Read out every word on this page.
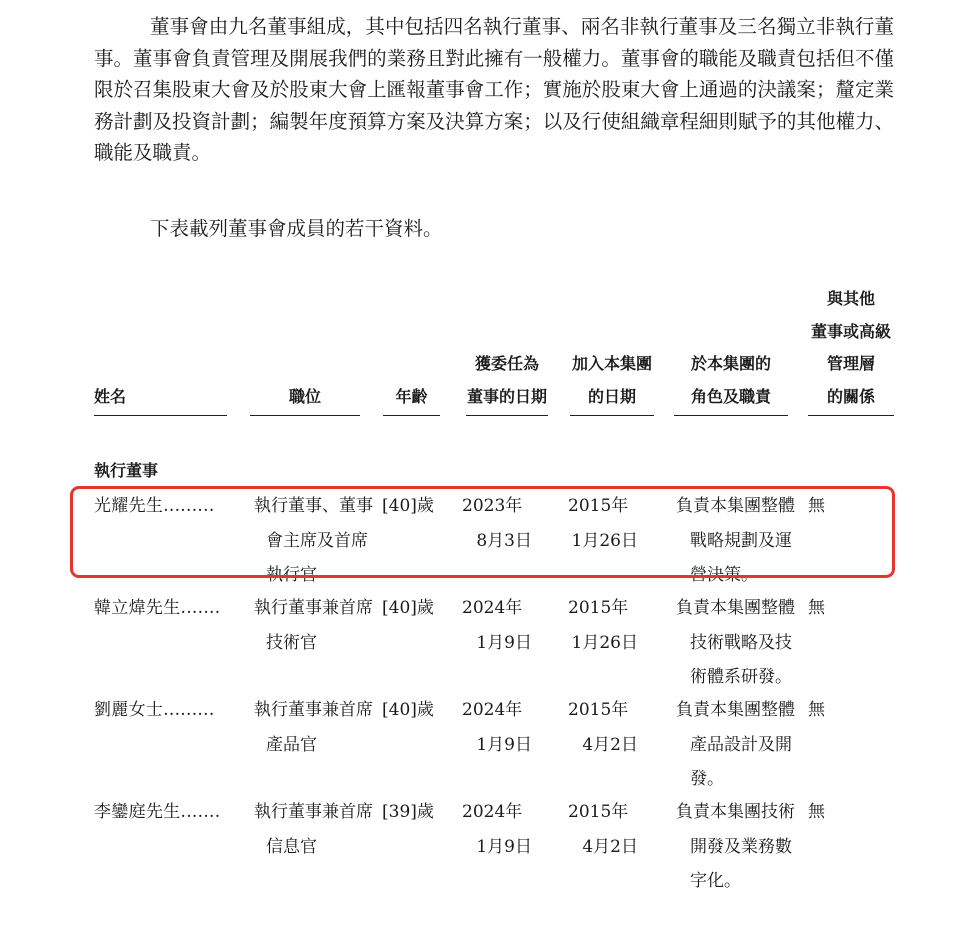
董事會由九名董事組成，其中包括四名執行董事、兩名非執行董事及三名獨立非執行董事。董事會負責管理及開展我們的業務且對此擁有一般權力。董事會的職能及職責包括但不僅限於召集股東大會及於股東大會上匯報董事會工作；實施於股東大會上通過的決議案；釐定業務計劃及投資計劃；編製年度預算方案及決算方案；以及行使組織章程細則賦予的其他權力、職能及職責。

下表載列董事會成員的若干資料。

姓名	職位	年齡
獲委任為
董事的日期
加入本集團
的日期
於本集團的
角色及職責
與其他
董事或高級
管理層
的關係
執行董事
光耀先生......... 執行董事、董事
會主席及首席
執行官
[40]歲 2023年
8月3日
2015年
1月26日
負責本集團整體
戰略規劃及運
營決策。
無
韓立煒先生....... 執行董事兼首席
技術官
[40]歲 2024年
1月9日
2015年
1月26日
負責本集團整體
技術戰略及技
術體系研發。
無
劉麗女士......... 執行董事兼首席
產品官
[40]歲 2024年
1月9日
2015年
4月2日
負責本集團整體
產品設計及開
發。
無
李鑾庭先生....... 執行董事兼首席
信息官
[39]歲 2024年
1月9日
2015年
4月2日
負責本集團技術
開發及業務數
字化。
無
